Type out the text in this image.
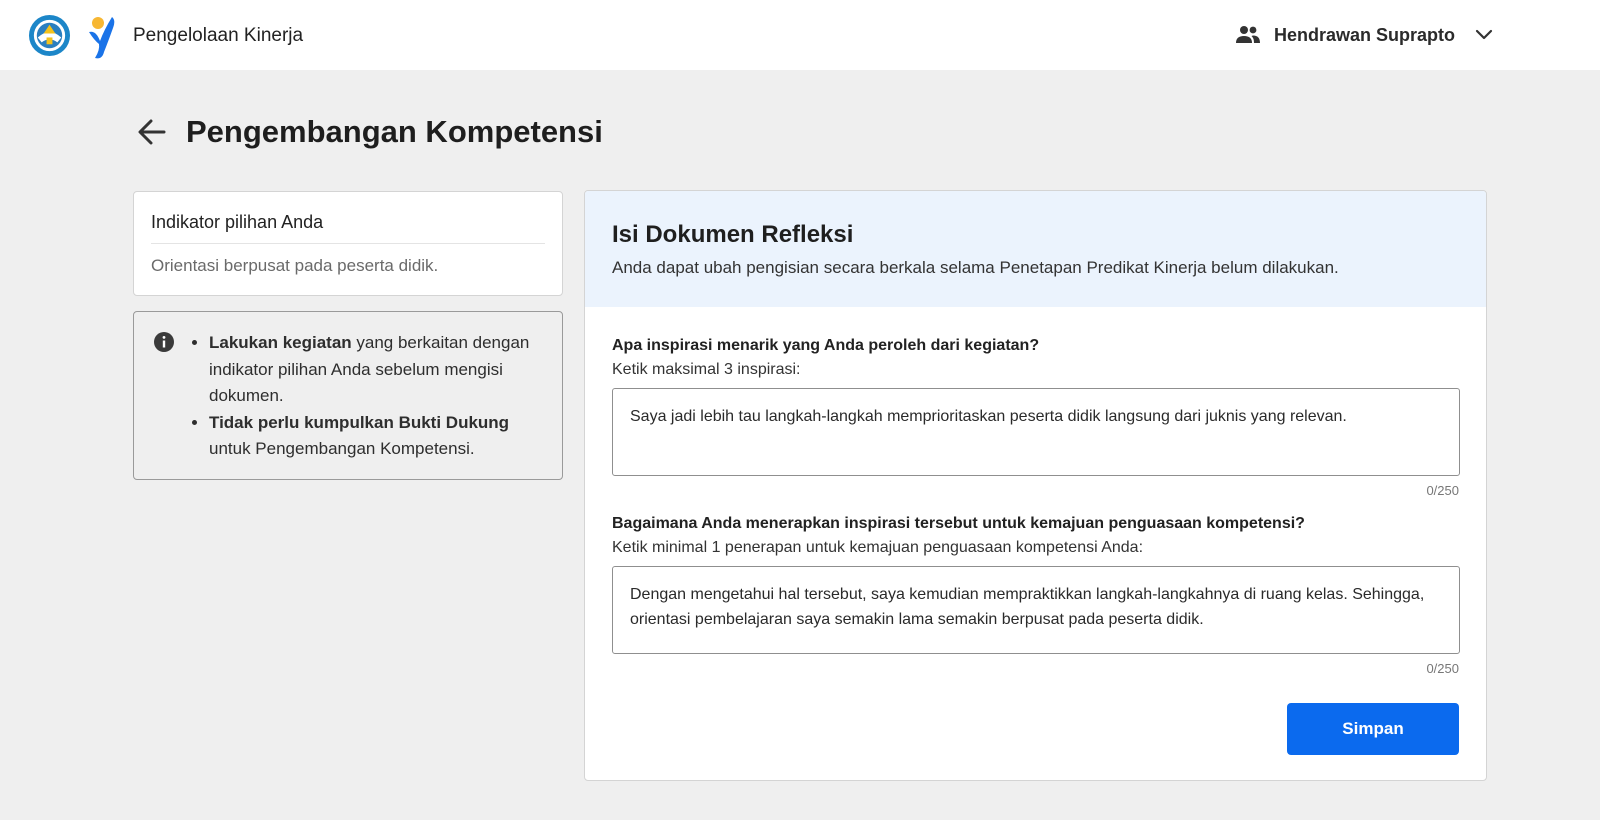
Pengelolaan Kinerja	Hendrawan Suprapto
Pengembangan Kompetensi
Indikator pilihan Anda
Orientasi berpusat pada peserta didik.
• Lakukan kegiatan yang berkaitan dengan indikator pilihan Anda sebelum mengisi dokumen.
• Tidak perlu kumpulkan Bukti Dukung untuk Pengembangan Kompetensi.
Isi Dokumen Refleksi
Anda dapat ubah pengisian secara berkala selama Penetapan Predikat Kinerja belum dilakukan.
Apa inspirasi menarik yang Anda peroleh dari kegiatan?
Ketik maksimal 3 inspirasi:
Saya jadi lebih tau langkah-langkah memprioritaskan peserta didik langsung dari juknis yang relevan.
0/250
Bagaimana Anda menerapkan inspirasi tersebut untuk kemajuan penguasaan kompetensi?
Ketik minimal 1 penerapan untuk kemajuan penguasaan kompetensi Anda:
Dengan mengetahui hal tersebut, saya kemudian mempraktikkan langkah-langkahnya di ruang kelas. Sehingga, orientasi pembelajaran saya semakin lama semakin berpusat pada peserta didik.
0/250
Simpan
